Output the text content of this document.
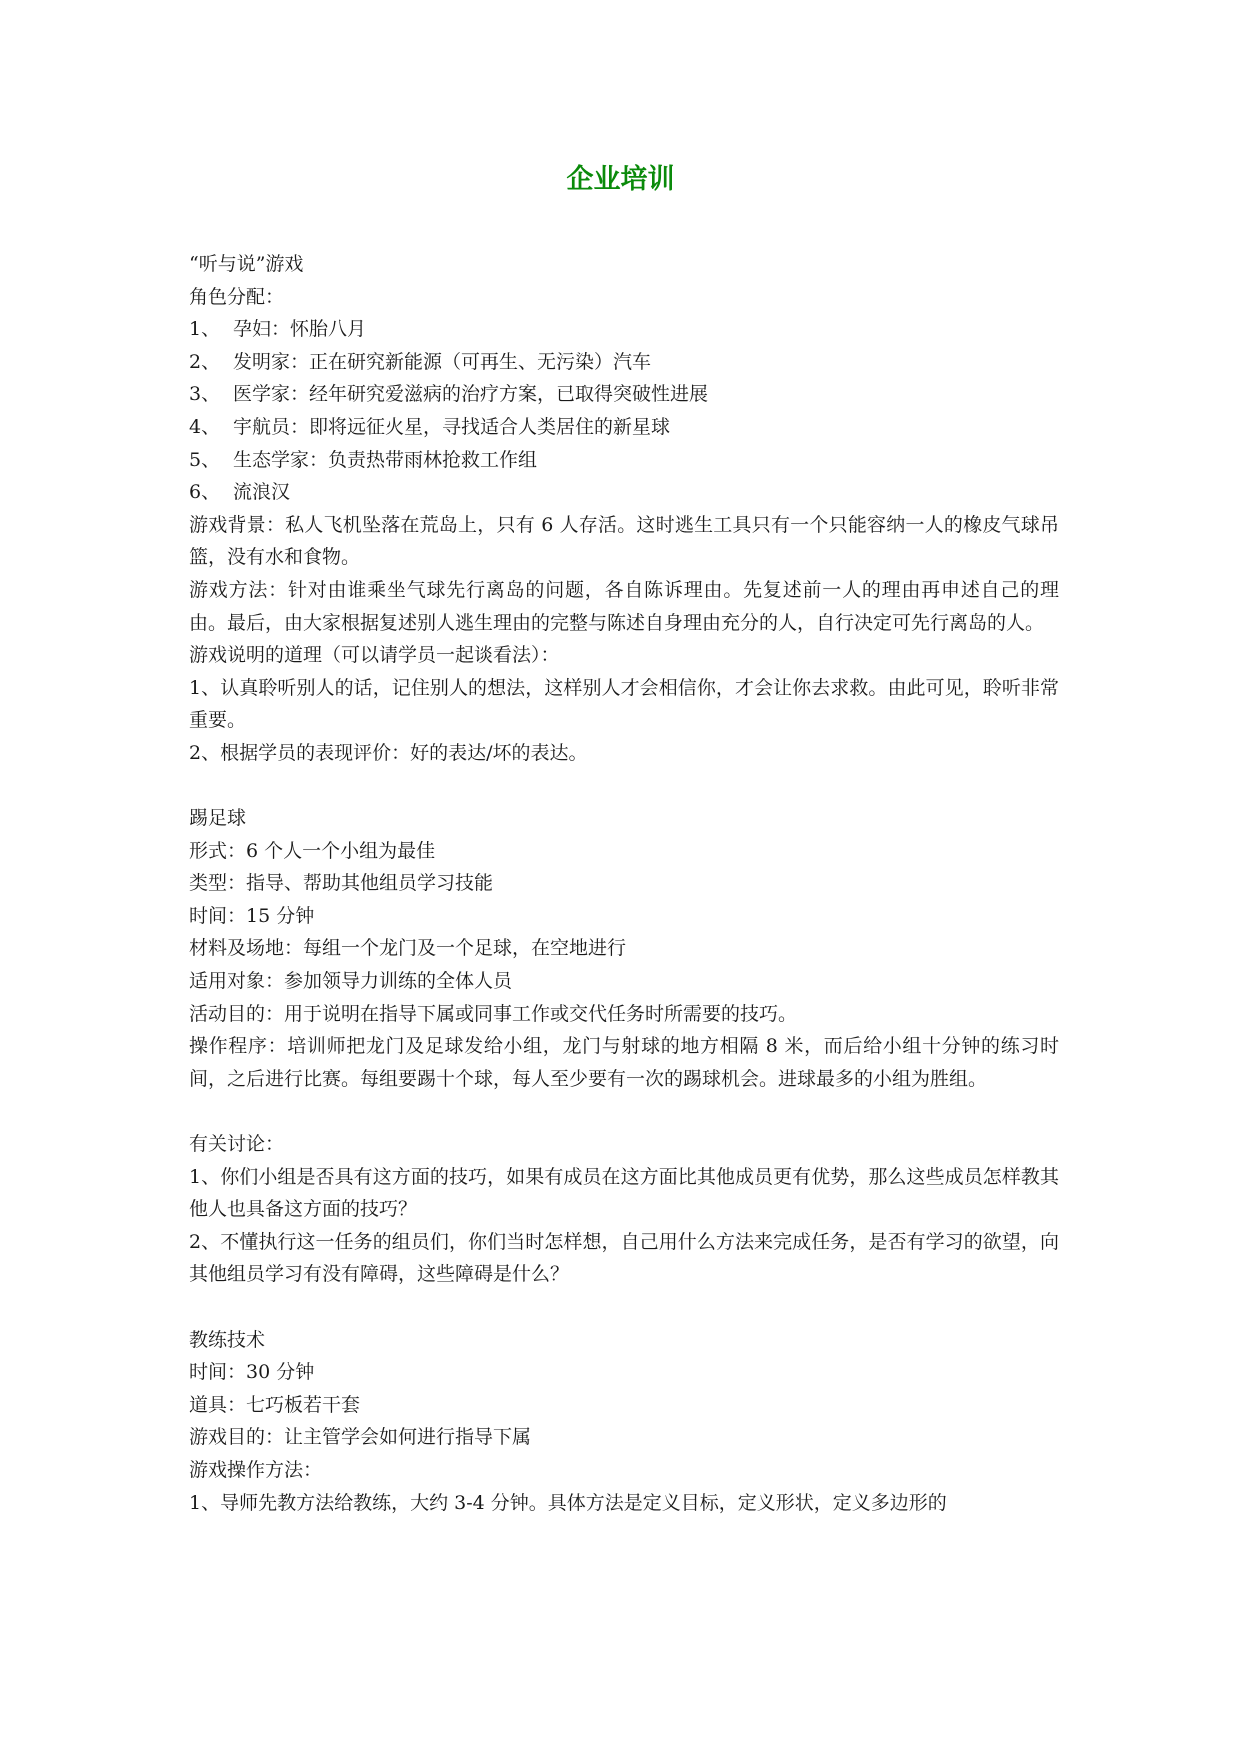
企业培训
“听与说”游戏
角色分配：
1、 孕妇：怀胎八月
2、 发明家：正在研究新能源（可再生、无污染）汽车
3、 医学家：经年研究爱滋病的治疗方案，已取得突破性进展
4、 宇航员：即将远征火星，寻找适合人类居住的新星球
5、 生态学家：负责热带雨林抢救工作组
6、 流浪汉
游戏背景：私人飞机坠落在荒岛上，只有 6 人存活。这时逃生工具只有一个只能容纳一人的橡皮气球吊篮，没有水和食物。
游戏方法：针对由谁乘坐气球先行离岛的问题，各自陈诉理由。先复述前一人的理由再申述自己的理由。最后，由大家根据复述别人逃生理由的完整与陈述自身理由充分的人，自行决定可先行离岛的人。
游戏说明的道理（可以请学员一起谈看法）：
1、认真聆听别人的话，记住别人的想法，这样别人才会相信你，才会让你去求救。由此可见，聆听非常重要。
2、根据学员的表现评价：好的表达/坏的表达。
踢足球
形式：6 个人一个小组为最佳
类型：指导、帮助其他组员学习技能
时间：15 分钟
材料及场地：每组一个龙门及一个足球，在空地进行
适用对象：参加领导力训练的全体人员
活动目的：用于说明在指导下属或同事工作或交代任务时所需要的技巧。
操作程序：培训师把龙门及足球发给小组，龙门与射球的地方相隔 8 米，而后给小组十分钟的练习时间，之后进行比赛。每组要踢十个球，每人至少要有一次的踢球机会。进球最多的小组为胜组。
有关讨论：
1、你们小组是否具有这方面的技巧，如果有成员在这方面比其他成员更有优势，那么这些成员怎样教其他人也具备这方面的技巧？
2、不懂执行这一任务的组员们，你们当时怎样想，自己用什么方法来完成任务，是否有学习的欲望，向其他组员学习有没有障碍，这些障碍是什么？
教练技术
时间：30 分钟
道具：七巧板若干套
游戏目的：让主管学会如何进行指导下属
游戏操作方法：
1、导师先教方法给教练，大约 3-4 分钟。具体方法是定义目标，定义形状，定义多边形的
